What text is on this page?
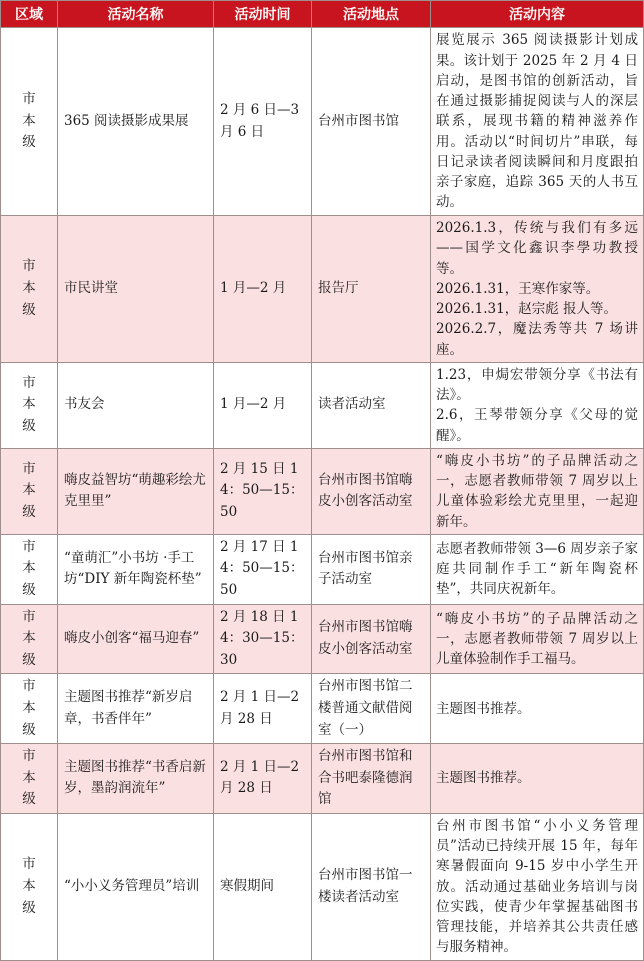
区域	活动名称	活动时间	活动地点	活动内容

市本级	365 阅读摄影成果展	2 月 6 日—3 月 6 日	台州市图书馆	展览展示 365 阅读摄影计划成果。该计划于 2025 年 2 月 4 日启动，是图书馆的创新活动，旨在通过摄影捕捉阅读与人的深层联系，展现书籍的精神滋养作用。活动以“时间切片”串联，每日记录读者阅读瞬间和月度跟拍亲子家庭，追踪 365 天的人书互动。

市本级	市民讲堂	1 月—2 月	报告厅	2026.1.3，传统与我们有多远——国学文化鑫识李學功教授等。
2026.1.31，王寒作家等。
2026.1.31，赵宗彪 报人等。
2026.2.7，魔法秀等共 7 场讲座。

市本级	书友会	1 月—2 月	读者活动室	1.23，申焗宏带领分享《书法有法》。
2.6，王琴带领分享《父母的觉醒》。

市本级	嗨皮益智坊“萌趣彩绘尤克里里”	2 月 15 日 14：50—15：50	台州市图书馆嗨皮小创客活动室	“嗨皮小书坊”的子品牌活动之一，志愿者教师带领 7 周岁以上儿童体验彩绘尤克里里，一起迎新年。

市本级	“童萌汇”小书坊 ·手工坊“DIY 新年陶瓷杯垫”	2 月 17 日 14：50—15：50	台州市图书馆亲子活动室	志愿者教师带领 3—6 周岁亲子家庭共同制作手工“新年陶瓷杯垫”，共同庆祝新年。

市本级	嗨皮小创客“福马迎春”	2 月 18 日 14：30—15：30	台州市图书馆嗨皮小创客活动室	“嗨皮小书坊”的子品牌活动之一，志愿者教师带领 7 周岁以上儿童体验制作手工福马。

市本级	主题图书推荐“新岁启章，书香伴年”	2 月 1 日—2 月 28 日	台州市图书馆二楼普通文献借阅室（一）	主题图书推荐。

市本级	主题图书推荐“书香启新岁，墨韵润流年”	2 月 1 日—2 月 28 日	台州市图书馆和合书吧泰隆德润馆	主题图书推荐。

市本级	“小小义务管理员”培训	寒假期间	台州市图书馆一楼读者活动室	台州市图书馆“小小义务管理员”活动已持续开展 15 年，每年寒暑假面向 9-15 岁中小学生开放。活动通过基础业务培训与岗位实践，使青少年掌握基础图书管理技能，并培养其公共责任感与服务精神。
